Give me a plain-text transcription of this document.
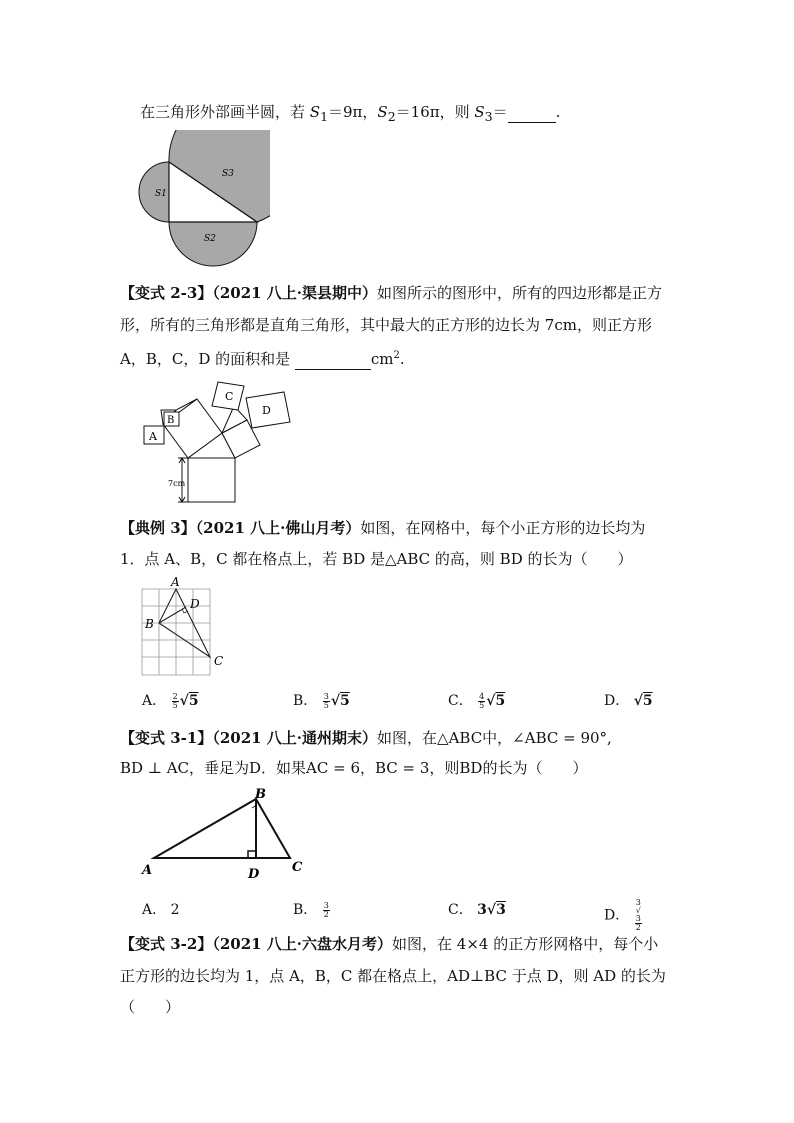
在三角形外部画半圆，若 $S_1=9\pi$，$S_2=16\pi$，则 $S_3=$	.
S1
S3
S2
【变式 2-3】（2021 八上·渠县期中）如图所示的图形中，所有的四边形都是正方
形，所有的三角形都是直角三角形，其中最大的正方形的边长为 7cm，则正方形
A，B，C，D 的面积和是	$cm^2$.
A
B
C
D
7cm
【典例 3】（2021 八上·佛山月考）如图，在网格中，每个小正方形的边长均为
1．点 A、B，C 都在格点上，若 BD 是△ABC 的高，则 BD 的长为（　　）
A
B
C
D
A． $\frac{2}{5} √5$	B． $\frac{3}{5} √5$	C． $\frac{4}{5} √5$	D． √5
【变式 3-1】（2021 八上·通州期末）如图，在△ABC中，∠ABC = 90°,
BD ⊥ AC，垂足为D．如果AC = 6，BC = 3，则BD的长为（　　）
A
B
C
D
A． 2	B． $\frac{3}{2}$	C． 3√3	D． 3
√
3
2
【变式 3-2】（2021 八上·六盘水月考）如图，在 4×4 的正方形网格中，每个小
正方形的边长均为 1，点 A，B，C 都在格点上，AD⊥BC 于点 D，则 AD 的长为
（　　）
